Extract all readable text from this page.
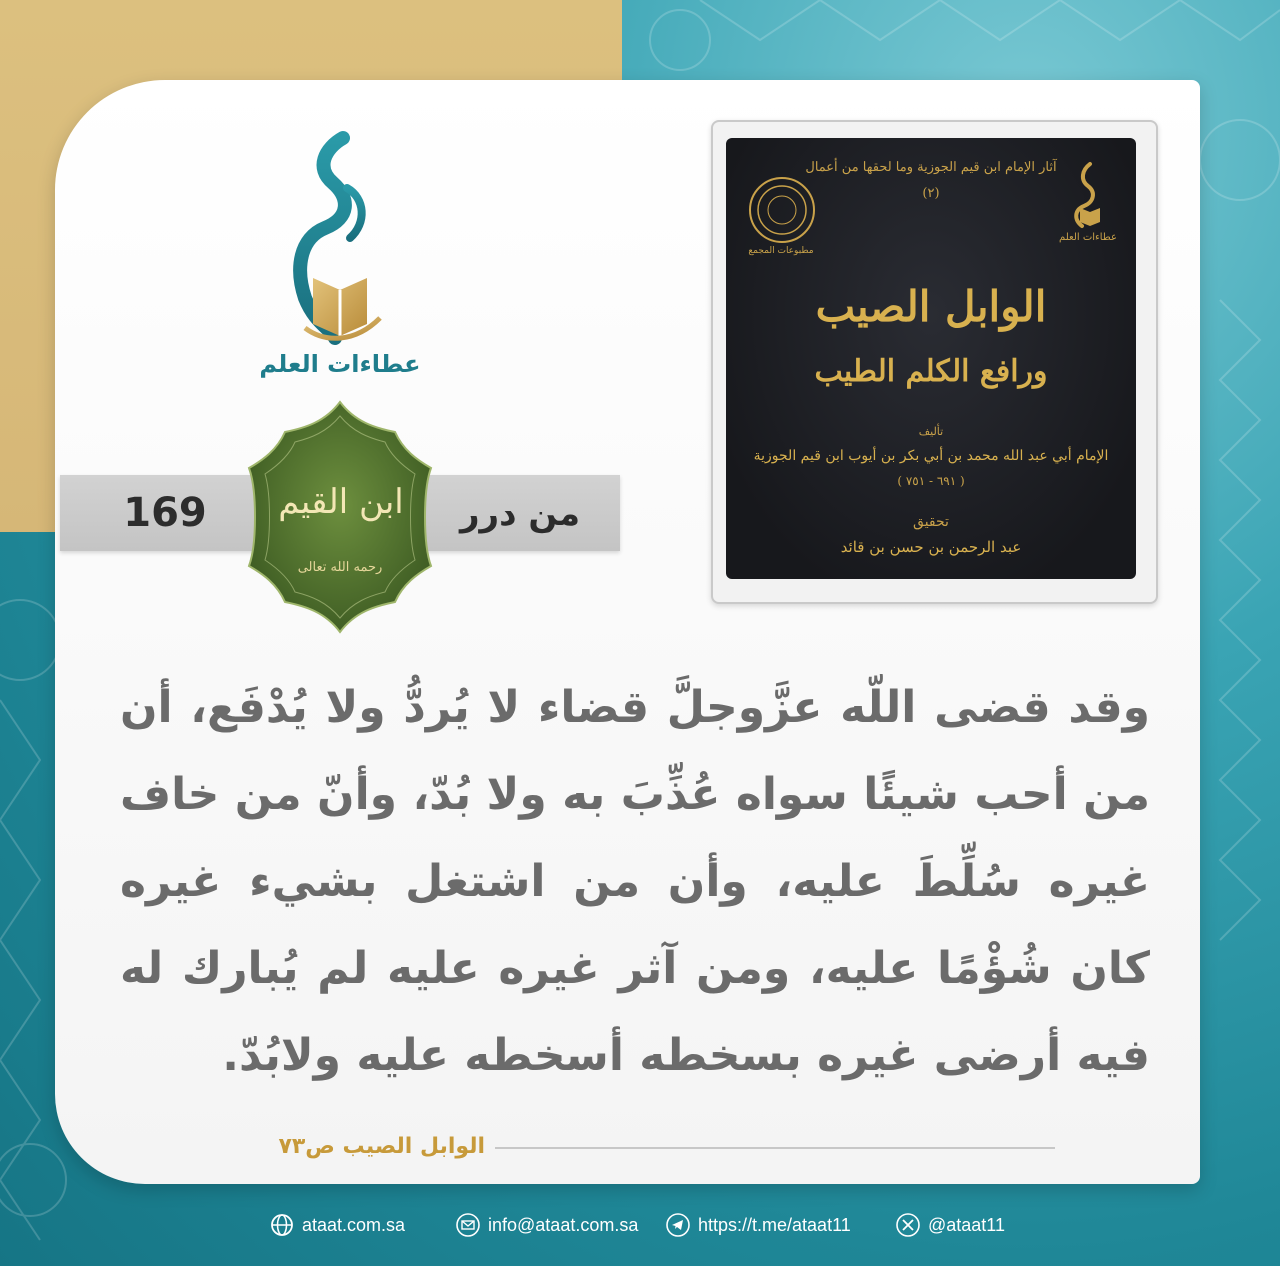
عطاءات العلم
169	من درر
ابن القيم
رحمه الله تعالى
آثار الإمام ابن قيم الجوزية وما لحقها من أعمال
(٢)
مطبوعات المجمع
عطاءات العلم
الوابل الصيب
ورافع الكلم الطيب
تأليف
الإمام أبي عبد الله محمد بن أبي بكر بن أيوب ابن قيم الجوزية
( ٦٩١ - ٧٥١ )
تحقيق
عبد الرحمن بن حسن بن قائد
وقد قضى اللّه عزَّوجلَّ قضاء لا يُردُّ ولا يُدْفَع، أن من أحب شيئًا سواه عُذِّبَ به ولا بُدّ، وأنّ من خاف غيره سُلِّطَ عليه، وأن من اشتغل بشيء غيره كان شُؤْمًا عليه، ومن آثر غيره عليه لم يُبارك له فيه أرضى غيره بسخطه أسخطه عليه ولابُدّ.
الوابل الصيب ص٧٣
ataat.com.sa	info@ataat.com.sa	https://t.me/ataat11	@ataat11
